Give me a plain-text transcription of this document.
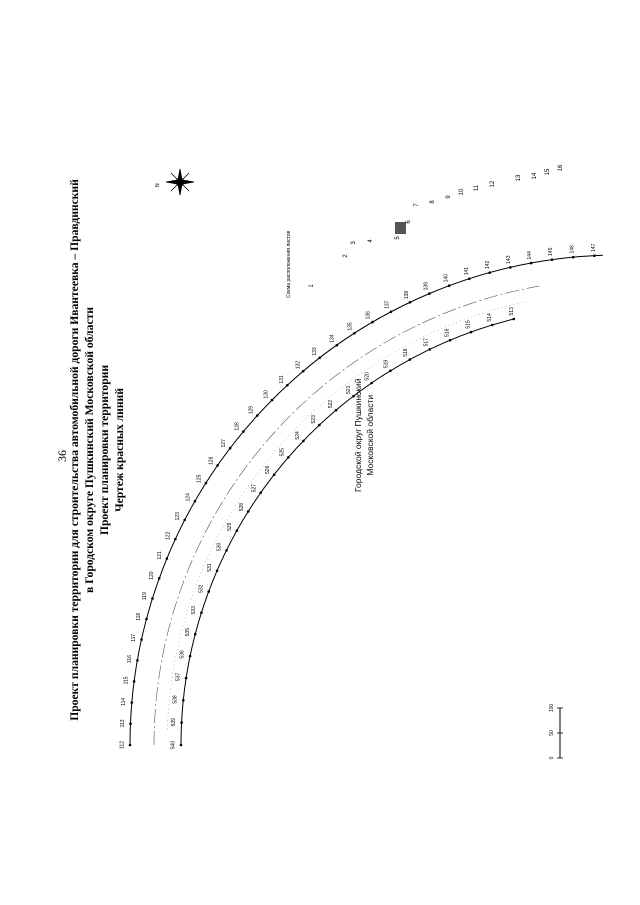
36 Проект планировки территории для строительства автомобильной дороги Ивантеевка – Правдинский в Городском округе Пушкинский Московской области Проект планировки территории Чертеж красных линий
N
112
113
114
115
116
117
118
119
120
121
122
123
124
125
126
127
128
129
130
131
132
133
134
135
136
137
138
139
140
141
142
143
144	145	146	147
540
539
538
537
536
535
533
532
531
530
529
528
527
526
525
524
523
522
521
520
519
518
517
516
515
514
513
0
50
100
1
2
3
4
5
6
7
8
9
10
11
12
13 14
15
16
Городской округ Пушкинский Московской области
Схема расположения листов
